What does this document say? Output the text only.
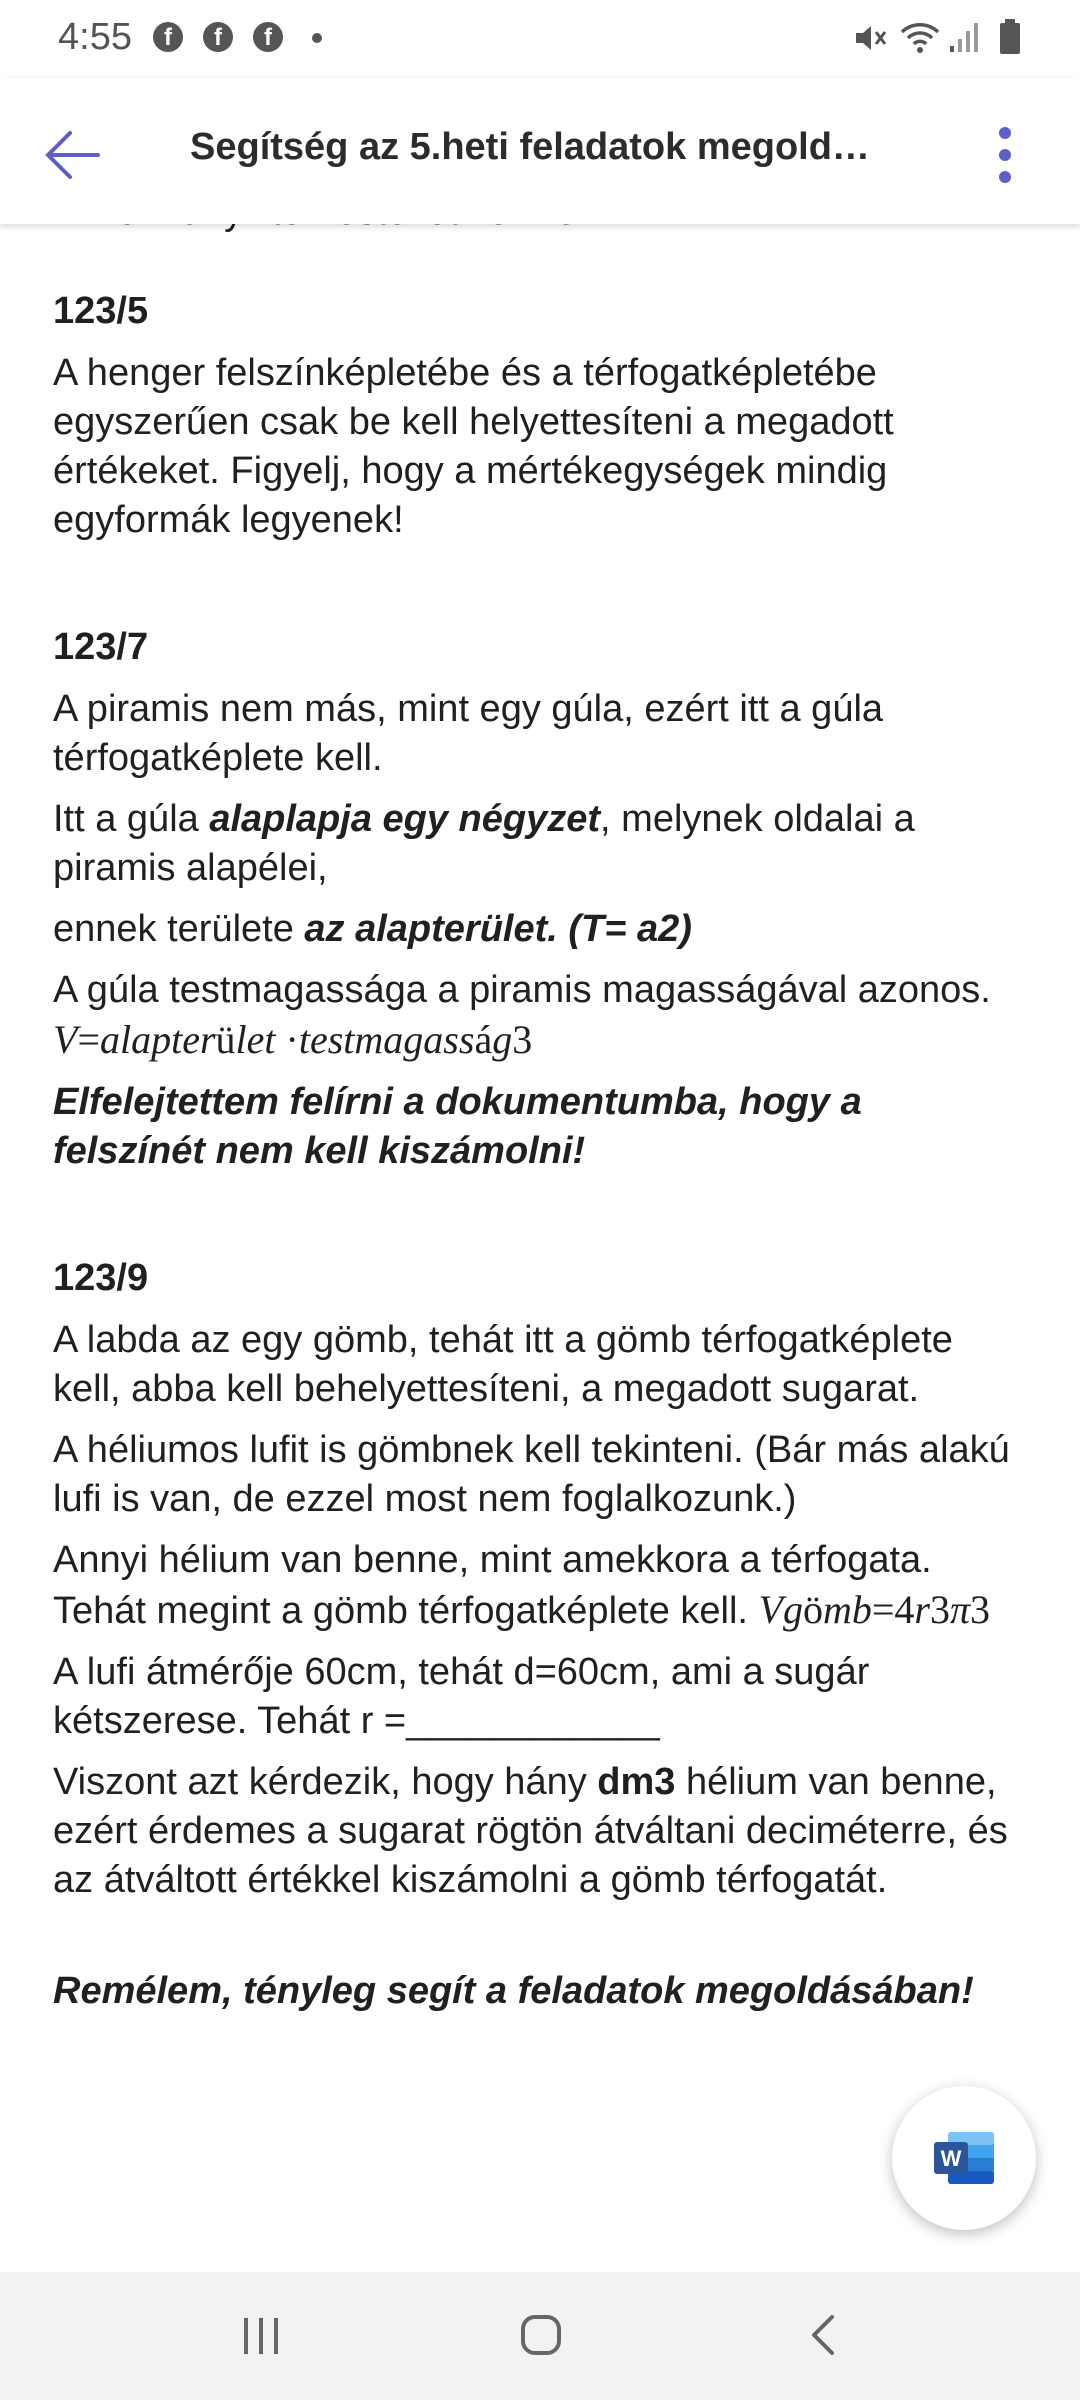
4:55	f	f	f
Segítség az 5.heti feladatok megold…

123/5

A henger felszínképletébe és a térfogatképletébe egyszerűen csak be kell helyettesíteni a megadott értékeket. Figyelj, hogy a mértékegységek mindig egyformák legyenek!

123/7

A piramis nem más, mint egy gúla, ezért itt a gúla térfogatképlete kell.

Itt a gúla alaplapja egy négyzet, melynek oldalai a piramis alapélei,

ennek területe az alapterület. (T= a2)

A gúla testmagassága a piramis magasságával azonos. V=alapterület ·testmagasság3

Elfelejtettem felírni a dokumentumba, hogy a felszínét nem kell kiszámolni!

123/9

A labda az egy gömb, tehát itt a gömb térfogatképlete kell, abba kell behelyettesíteni, a megadott sugarat.

A héliumos lufit is gömbnek kell tekinteni. (Bár más alakú lufi is van, de ezzel most nem foglalkozunk.)

Annyi hélium van benne, mint amekkora a térfogata. Tehát megint a gömb térfogatképlete kell. Vgömb=4r3π3

A lufi átmérője 60cm, tehát d=60cm, ami a sugár kétszerese. Tehát r =____________

Viszont azt kérdezik, hogy hány dm3 hélium van benne, ezért érdemes a sugarat rögtön átváltani deciméterre, és az átváltott értékkel kiszámolni a gömb térfogatát.

Remélem, tényleg segít a feladatok megoldásában!

W
